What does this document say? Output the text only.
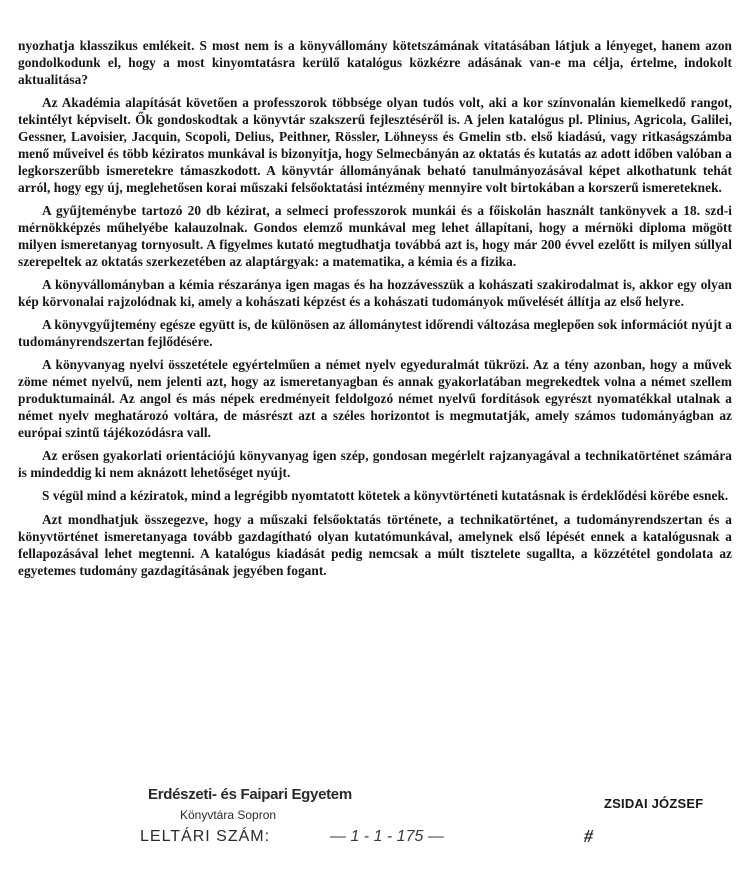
nyozhatja klasszikus emlékeit. S most nem is a könyvállomány kötetszámának vitatásában látjuk a lényeget, hanem azon gondolkodunk el, hogy a most kinyomtatásra kerülő katalógus közkézre adásának van-e ma célja, értelme, indokolt aktualitása?

Az Akadémia alapítását követően a professzorok többsége olyan tudós volt, aki a kor színvonalán kiemelkedő rangot, tekintélyt képviselt. Ők gondoskodtak a könyvtár szakszerű fejlesztéséről is. A jelen katalógus pl. Plinius, Agricola, Galilei, Gessner, Lavoisier, Jacquin, Scopoli, Delius, Peithner, Rössler, Löhneyss és Gmelin stb. első kiadású, vagy ritkaságszámba menő műveivel és több kéziratos munkával is bizonyítja, hogy Selmecbányán az oktatás és kutatás az adott időben valóban a legkorszerűbb ismeretekre támaszkodott. A könyvtár állományának beható tanulmányozásával képet alkothatunk tehát arról, hogy egy új, meglehetősen korai műszaki felsőoktatási intézmény mennyire volt birtokában a korszerű ismereteknek.

A gyűjteménybe tartozó 20 db kézirat, a selmeci professzorok munkái és a főiskolán használt tankönyvek a 18. szd-i mérnökképzés műhelyébe kalauzolnak. Gondos elemző munkával meg lehet állapítani, hogy a mérnöki diploma mögött milyen ismeretanyag tornyosult. A figyelmes kutató megtudhatja továbbá azt is, hogy már 200 évvel ezelőtt is milyen súllyal szerepeltek az oktatás szerkezetében az alaptárgyak: a matematika, a kémia és a fizika.

A könyvállományban a kémia részaránya igen magas és ha hozzávesszük a kohászati szakirodalmat is, akkor egy olyan kép körvonalai rajzolódnak ki, amely a kohászati képzést és a kohászati tudományok művelését állítja az első helyre.

A könyvgyűjtemény egésze együtt is, de különösen az állománytest időrendi változása meglepően sok információt nyújt a tudományrendszertan fejlődésére.

A könyvanyag nyelvi összetétele egyértelműen a német nyelv egyeduralmát tükrözi. Az a tény azonban, hogy a művek zöme német nyelvű, nem jelenti azt, hogy az ismeretanyagban és annak gyakorlatában megrekedtek volna a német szellem produktumainál. Az angol és más népek eredményeit feldolgozó német nyelvű fordítások egyrészt nyomatékkal utalnak a német nyelv meghatározó voltára, de másrészt azt a széles horizontot is megmutatják, amely számos tudományágban az európai szintű tájékozódásra vall.

Az erősen gyakorlati orientációjú könyvanyag igen szép, gondosan megérlelt rajzanyagával a technikatörténet számára is mindeddig ki nem aknázott lehetőséget nyújt.

S végül mind a kéziratok, mind a legrégibb nyomtatott kötetek a könyvtörténeti kutatásnak is érdeklődési körébe esnek.

Azt mondhatjuk összegezve, hogy a műszaki felsőoktatás története, a technikatörténet, a tudományrendszertan és a könyvtörténet ismeretanyaga tovább gazdagítható olyan kutatómunkával, amelynek első lépését ennek a katalógusnak a fellapozásával lehet megtenni. A katalógus kiadását pedig nemcsak a múlt tisztelete sugallta, a közzététel gondolata az egyetemes tudomány gazdagításának jegyében fogant.

Erdészeti- és Faipari Egyetem
Könyvtára Sopron
LELTÁRI SZÁM:	— 1 - 1 - 175 —	#
ZSIDAI JÓZSEF
